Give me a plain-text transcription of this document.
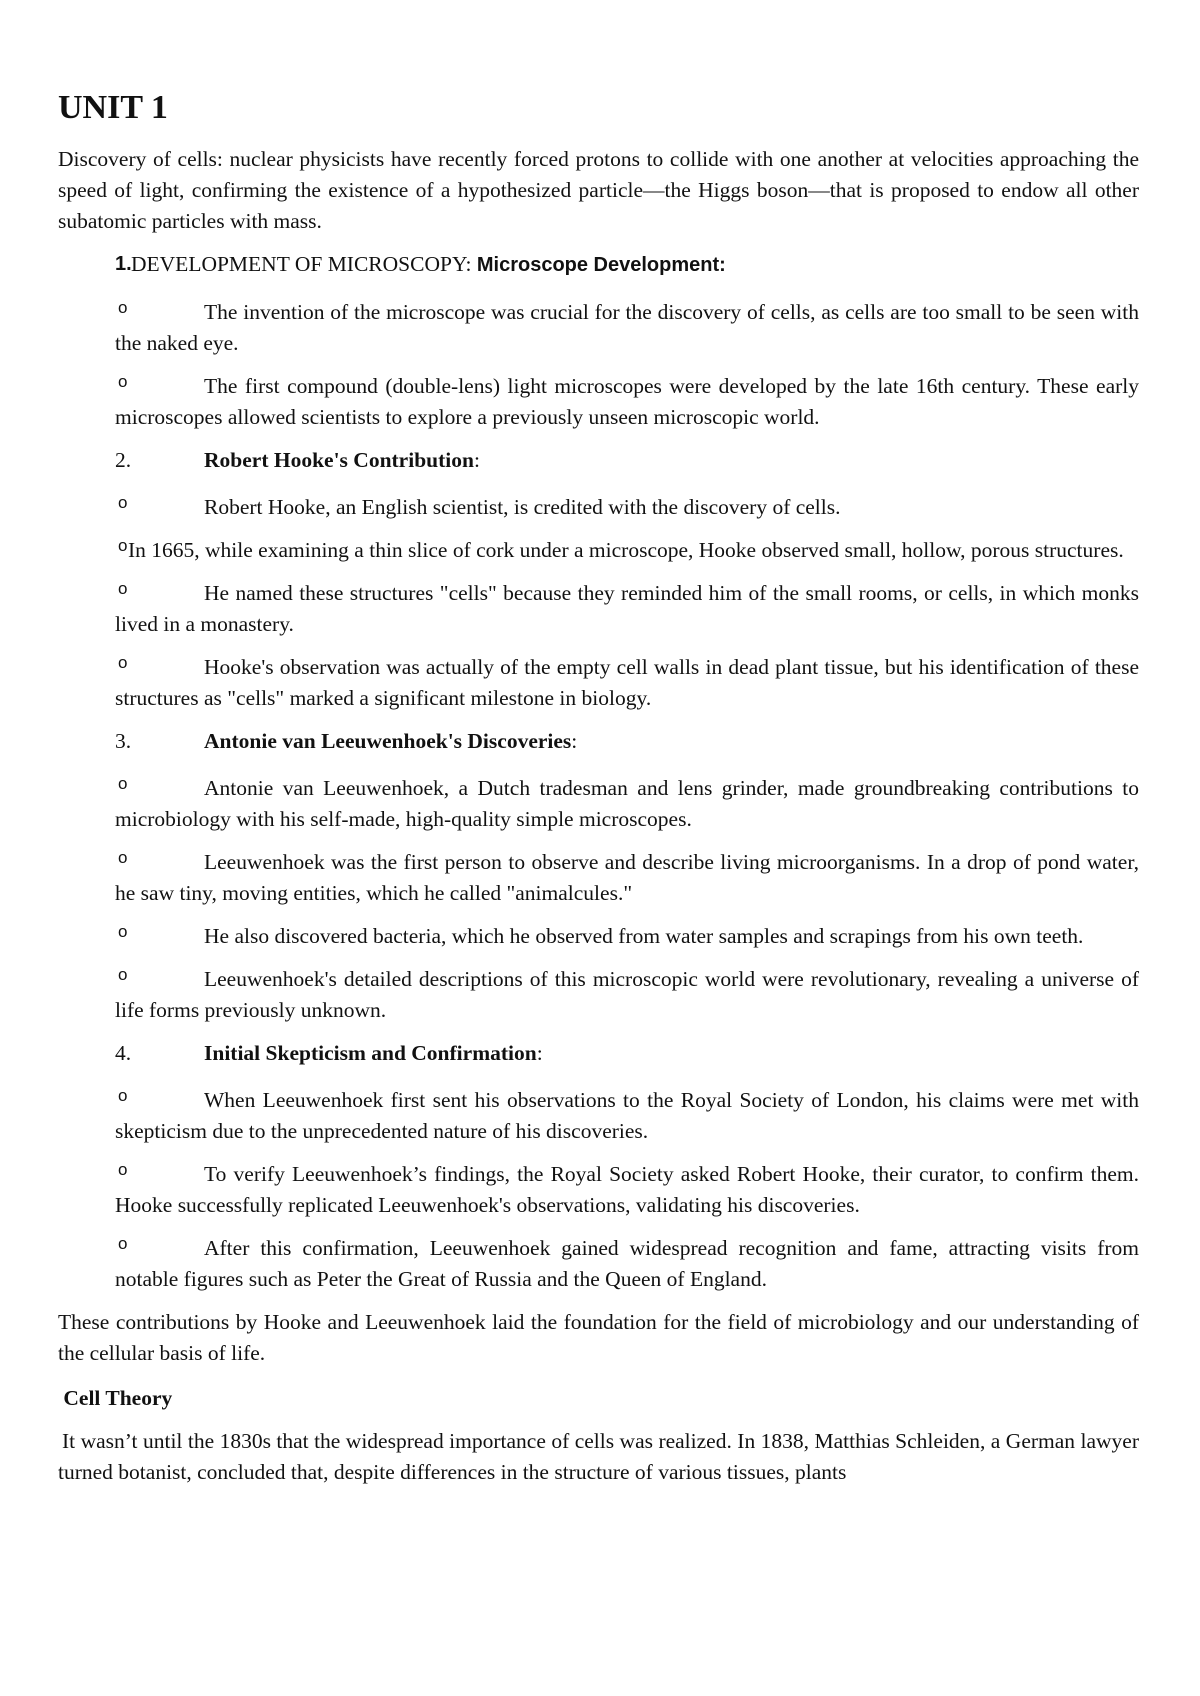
UNIT 1

Discovery of cells: nuclear physicists have recently forced protons to collide with one another at velocities approaching the speed of light, confirming the existence of a hypothesized particle—the Higgs boson—that is proposed to endow all other subatomic particles with mass.

1. DEVELOPMENT OF MICROSCOPY: Microscope Development:
o	The invention of the microscope was crucial for the discovery of cells, as cells are too small to be seen with the naked eye.

o	The first compound (double-lens) light microscopes were developed by the late 16th century. These early microscopes allowed scientists to explore a previously unseen microscopic world.

2.	Robert Hooke's Contribution:
o	Robert Hooke, an English scientist, is credited with the discovery of cells.

o In 1665, while examining a thin slice of cork under a microscope, Hooke observed small, hollow, porous structures.

o	He named these structures "cells" because they reminded him of the small rooms, or cells, in which monks lived in a monastery.

o	Hooke's observation was actually of the empty cell walls in dead plant tissue, but his identification of these structures as "cells" marked a significant milestone in biology.

3.	Antonie van Leeuwenhoek's Discoveries:
o	Antonie van Leeuwenhoek, a Dutch tradesman and lens grinder, made groundbreaking contributions to microbiology with his self-made, high-quality simple microscopes.

o	Leeuwenhoek was the first person to observe and describe living microorganisms. In a drop of pond water, he saw tiny, moving entities, which he called "animalcules."

o	He also discovered bacteria, which he observed from water samples and scrapings from his own teeth.

o	Leeuwenhoek's detailed descriptions of this microscopic world were revolutionary, revealing a universe of life forms previously unknown.

4.	Initial Skepticism and Confirmation:
o	When Leeuwenhoek first sent his observations to the Royal Society of London, his claims were met with skepticism due to the unprecedented nature of his discoveries.

o	To verify Leeuwenhoek’s findings, the Royal Society asked Robert Hooke, their curator, to confirm them. Hooke successfully replicated Leeuwenhoek's observations, validating his discoveries.

o	After this confirmation, Leeuwenhoek gained widespread recognition and fame, attracting visits from notable figures such as Peter the Great of Russia and the Queen of England.

These contributions by Hooke and Leeuwenhoek laid the foundation for the field of microbiology and our understanding of the cellular basis of life.

Cell Theory

It wasn’t until the 1830s that the widespread importance of cells was realized. In 1838, Matthias Schleiden, a German lawyer turned botanist, concluded that, despite differences in the structure of various tissues, plants
